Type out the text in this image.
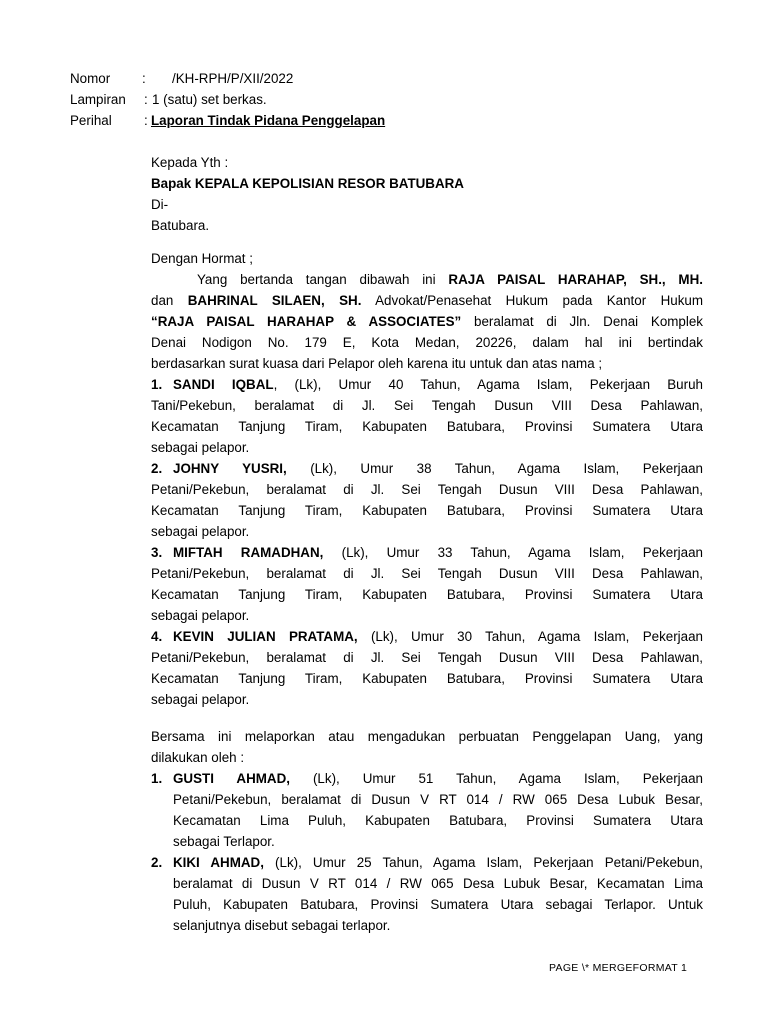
Nomor : /KH-RPH/P/XII/2022
Lampiran : 1 (satu) set berkas.
Perihal : Laporan Tindak Pidana Penggelapan
Kepada Yth :
Bapak KEPALA KEPOLISIAN RESOR BATUBARA
Di-
Batubara.
Dengan Hormat ;
Yang bertanda tangan dibawah ini RAJA PAISAL HARAHAP, SH., MH.
dan BAHRINAL SILAEN, SH. Advokat/Penasehat Hukum pada Kantor Hukum
“RAJA PAISAL HARAHAP & ASSOCIATES” beralamat di Jln. Denai Komplek
Denai Nodigon No. 179 E, Kota Medan, 20226, dalam hal ini bertindak
berdasarkan surat kuasa dari Pelapor oleh karena itu untuk dan atas nama ;
1. SANDI IQBAL, (Lk), Umur 40 Tahun, Agama Islam, Pekerjaan Buruh
Tani/Pekebun, beralamat di Jl. Sei Tengah Dusun VIII Desa Pahlawan,
Kecamatan Tanjung Tiram, Kabupaten Batubara, Provinsi Sumatera Utara
sebagai pelapor.
2. JOHNY YUSRI, (Lk), Umur 38 Tahun, Agama Islam, Pekerjaan
Petani/Pekebun, beralamat di Jl. Sei Tengah Dusun VIII Desa Pahlawan,
Kecamatan Tanjung Tiram, Kabupaten Batubara, Provinsi Sumatera Utara
sebagai pelapor.
3. MIFTAH RAMADHAN, (Lk), Umur 33 Tahun, Agama Islam, Pekerjaan
Petani/Pekebun, beralamat di Jl. Sei Tengah Dusun VIII Desa Pahlawan,
Kecamatan Tanjung Tiram, Kabupaten Batubara, Provinsi Sumatera Utara
sebagai pelapor.
4. KEVIN JULIAN PRATAMA, (Lk), Umur 30 Tahun, Agama Islam, Pekerjaan
Petani/Pekebun, beralamat di Jl. Sei Tengah Dusun VIII Desa Pahlawan,
Kecamatan Tanjung Tiram, Kabupaten Batubara, Provinsi Sumatera Utara
sebagai pelapor.
Bersama ini melaporkan atau mengadukan perbuatan Penggelapan Uang, yang
dilakukan oleh :
1. GUSTI AHMAD, (Lk), Umur 51 Tahun, Agama Islam, Pekerjaan
Petani/Pekebun, beralamat di Dusun V RT 014 / RW 065 Desa Lubuk Besar,
Kecamatan Lima Puluh, Kabupaten Batubara, Provinsi Sumatera Utara
sebagai Terlapor.
2. KIKI AHMAD, (Lk), Umur 25 Tahun, Agama Islam, Pekerjaan Petani/Pekebun,
beralamat di Dusun V RT 014 / RW 065 Desa Lubuk Besar, Kecamatan Lima
Puluh, Kabupaten Batubara, Provinsi Sumatera Utara sebagai Terlapor. Untuk
selanjutnya disebut sebagai terlapor.
PAGE \* MERGEFORMAT 1
